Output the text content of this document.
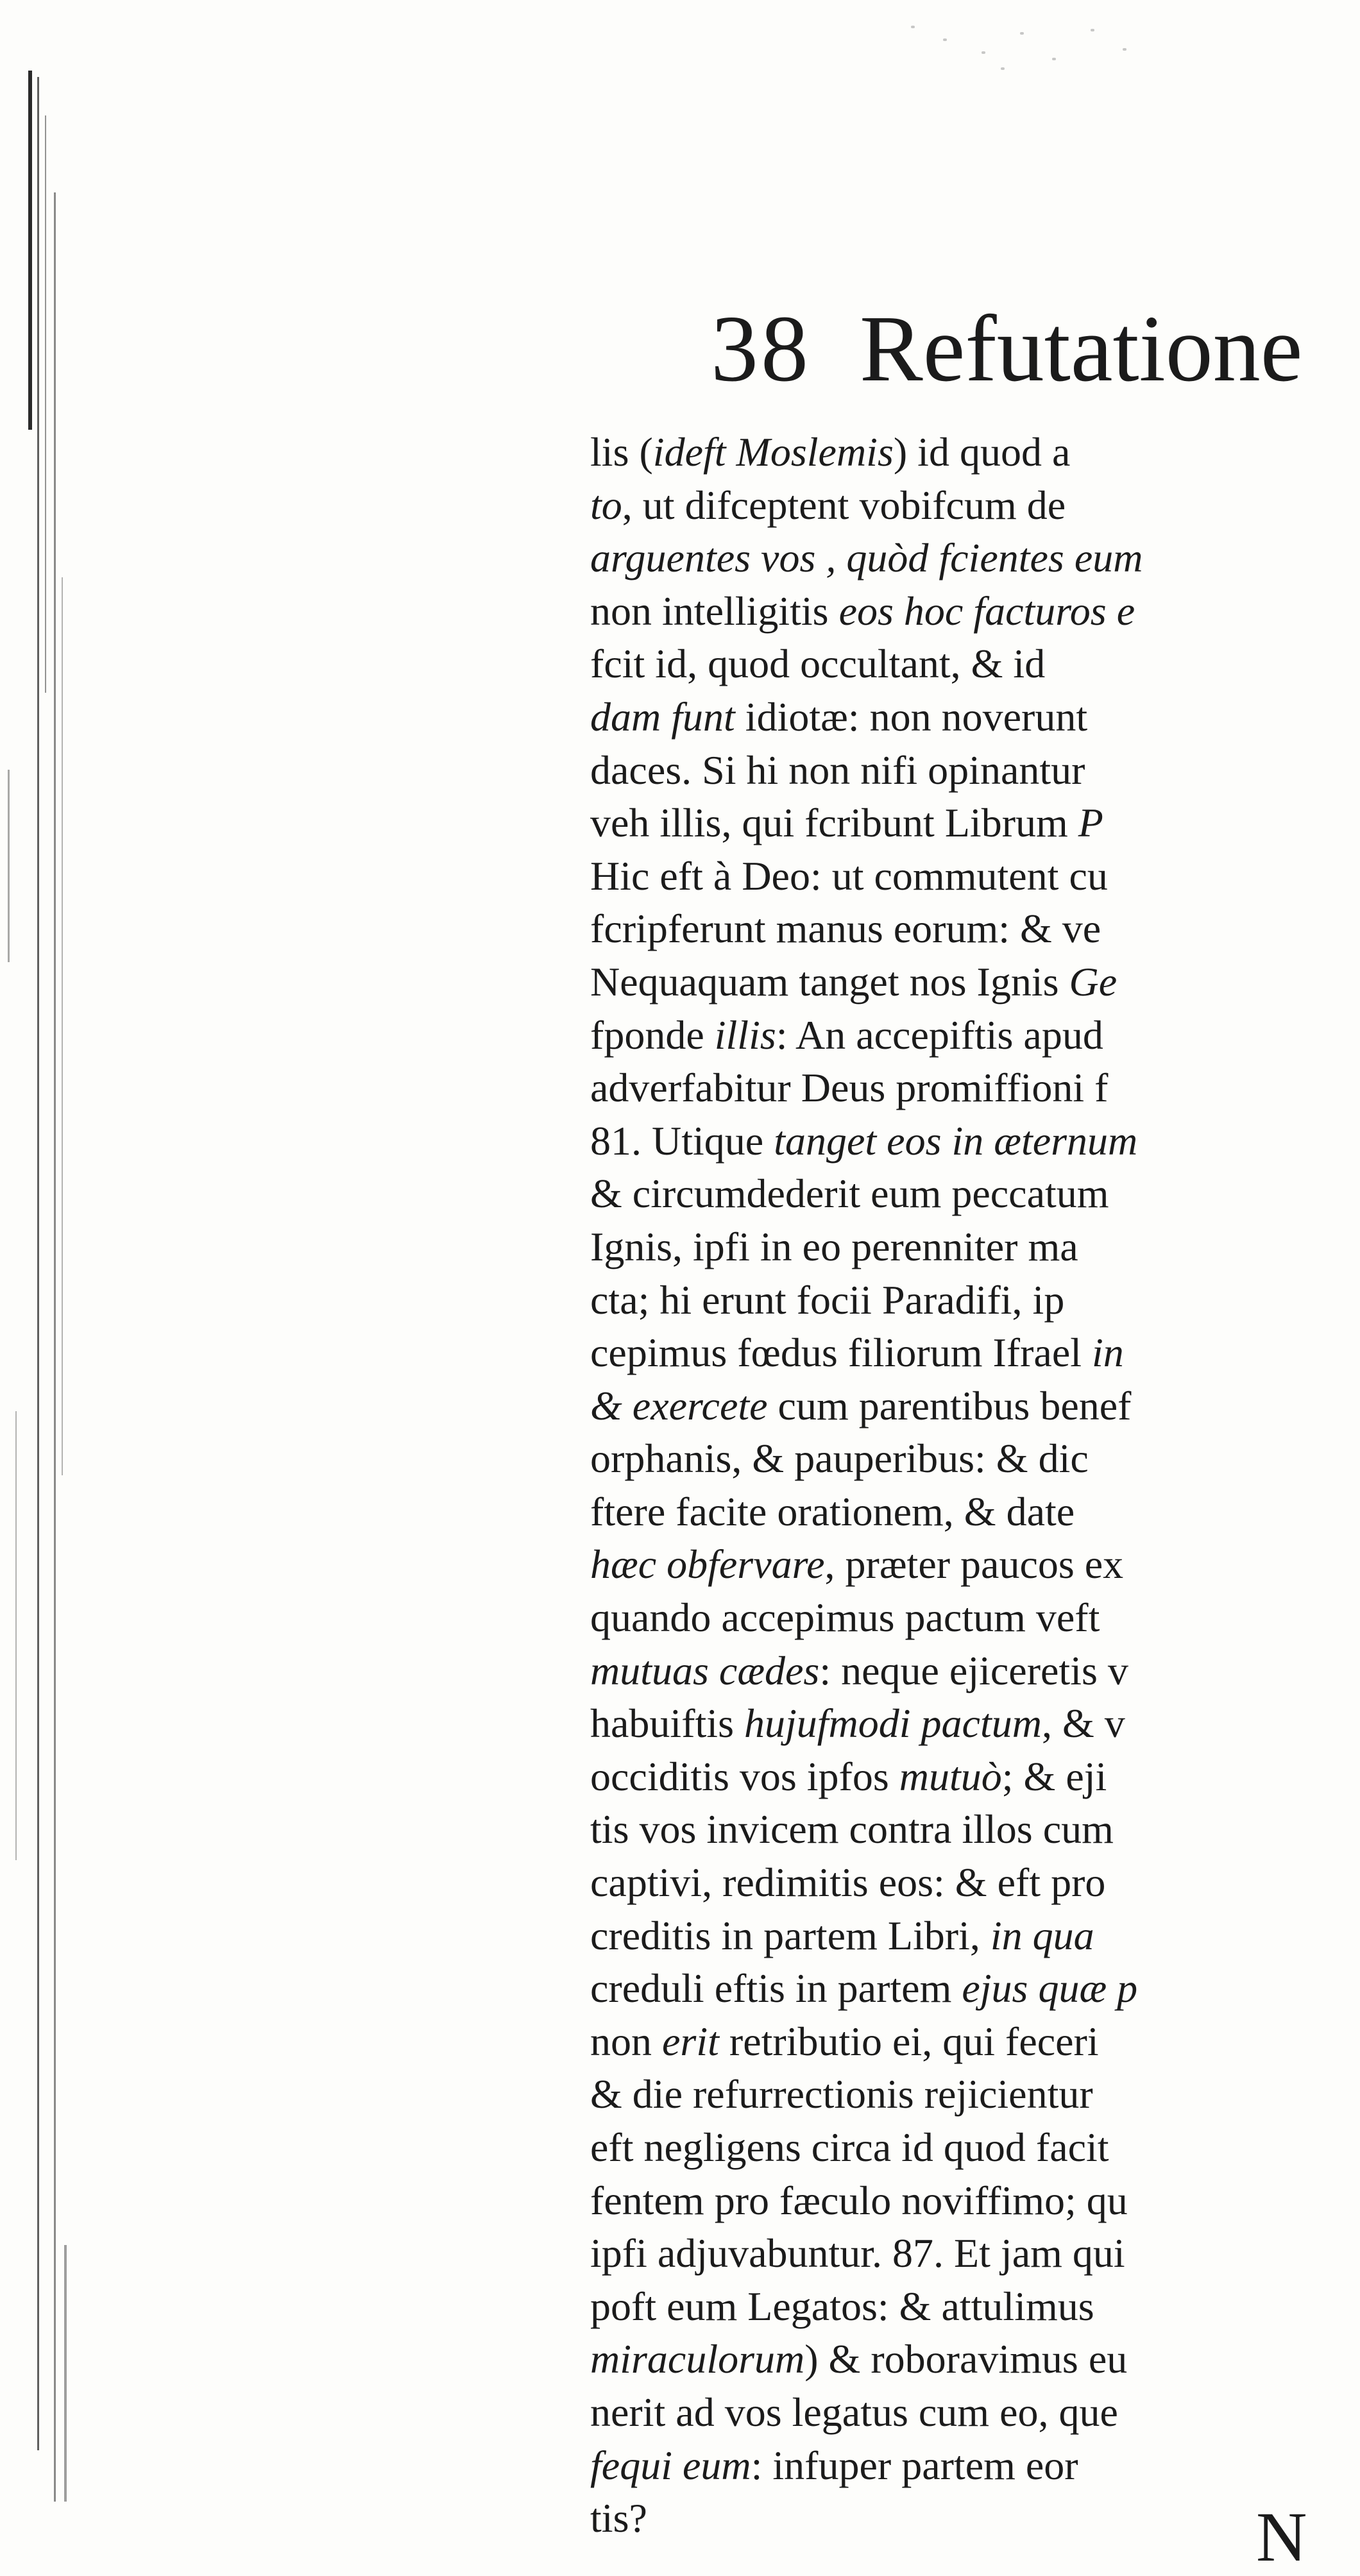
38 Refutatione
lis (ideft Moslemis) id quod a
to, ut difceptent vobifcum de
arguentes vos , quòd fcientes eum
non intelligitis eos hoc facturos e
fcit id, quod occultant, & id
dam funt idiotæ: non noverunt
daces. Si hi non nifi opinantur
veh illis, qui fcribunt Librum P
Hic eft à Deo: ut commutent cu
fcripferunt manus eorum: & ve
Nequaquam tanget nos Ignis Ge
fponde illis: An accepiftis apud
adverfabitur Deus promiffioni f
81. Utique tanget eos in æternum
& circumdederit eum peccatum
Ignis, ipfi in eo perenniter ma
cta; hi erunt focii Paradifi, ip
cepimus fœdus filiorum Ifrael in
& exercete cum parentibus benef
orphanis, & pauperibus: & dic
ftere facite orationem, & date
hæc obfervare, præter paucos ex
quando accepimus pactum veft
mutuas cædes: neque ejiceretis v
habuiftis hujufmodi pactum, & v
occiditis vos ipfos mutuò; & eji
tis vos invicem contra illos cum
captivi, redimitis eos: & eft pro
creditis in partem Libri, in qua
creduli eftis in partem ejus quæ p
non erit retributio ei, qui feceri
& die refurrectionis rejicientur
eft negligens circa id quod facit
fentem pro fæculo noviffimo; qu
ipfi adjuvabuntur. 87. Et jam qui
poft eum Legatos: & attulimus
miraculorum) & roboravimus eu
nerit ad vos legatus cum eo, que
fequi eum: infuper partem eor
tis?	N
